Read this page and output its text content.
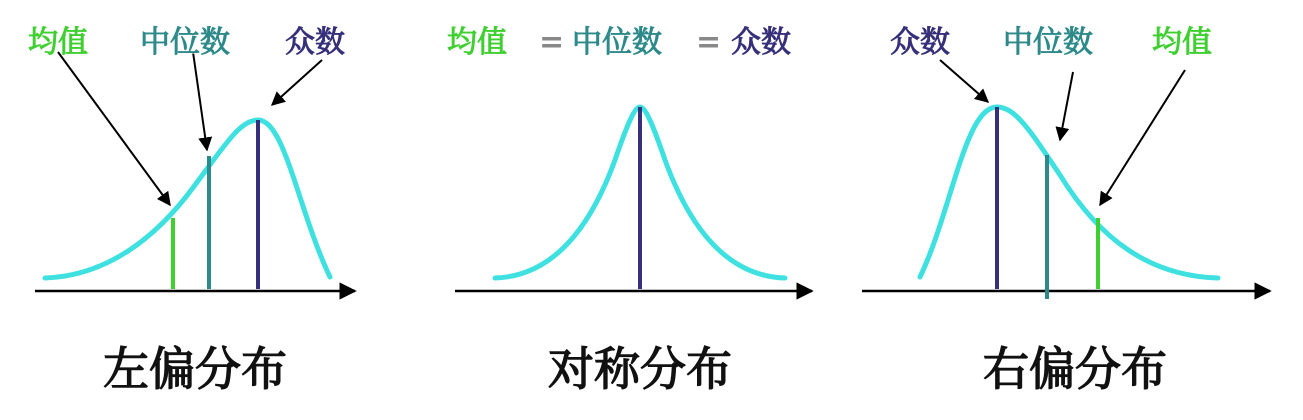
均值 中位数 众数
左偏分布
均值 = 中位数 = 众数
对称分布
众数 中位数 均值
右偏分布
